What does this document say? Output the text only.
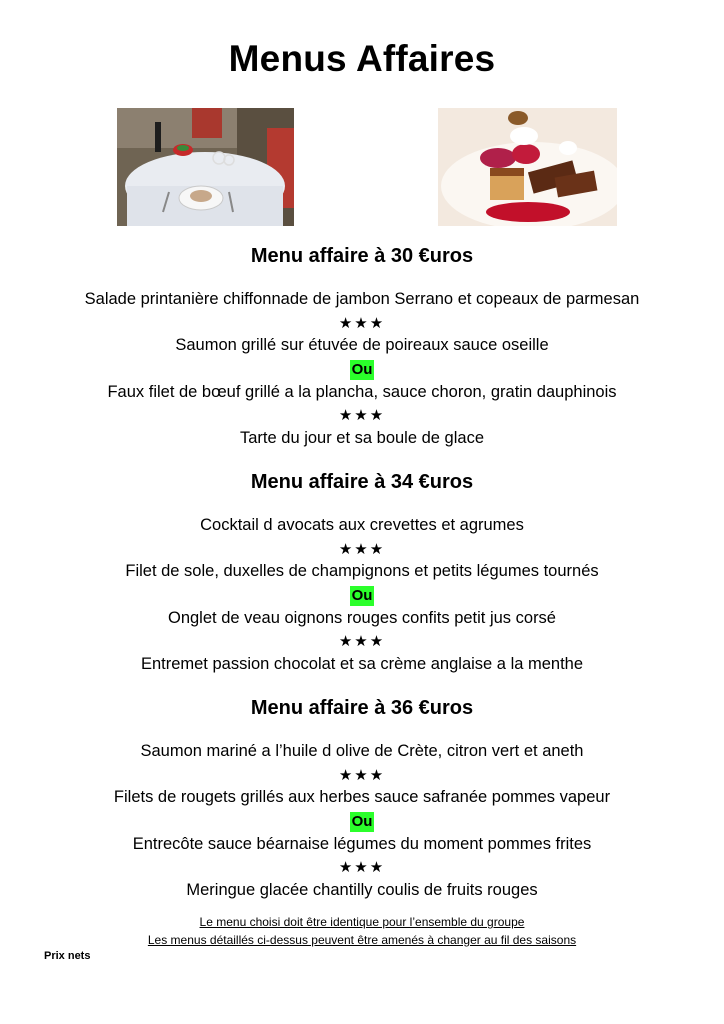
Menus Affaires
Menu affaire à 30 €uros
Salade printanière chiffonnade de jambon Serrano et copeaux de parmesan
★★★
Saumon grillé sur étuvée de poireaux sauce oseille
Ou
Faux filet de bœuf grillé a la plancha, sauce choron, gratin dauphinois
★★★
Tarte du jour et sa boule de glace
Menu affaire à 34 €uros
Cocktail d avocats aux crevettes et agrumes
★★★
Filet de sole, duxelles de champignons et petits légumes tournés
Ou
Onglet de veau oignons rouges confits petit jus corsé
★★★
Entremet passion chocolat et sa crème anglaise a la menthe
Menu affaire à 36 €uros
Saumon mariné a l’huile d olive de Crète, citron vert et aneth
★★★
Filets de rougets grillés aux herbes sauce safranée pommes vapeur
Ou
Entrecôte sauce béarnaise légumes du moment pommes frites
★★★
Meringue glacée chantilly coulis de fruits rouges
Le menu choisi doit être identique pour l’ensemble du groupe
Les menus détaillés ci-dessus peuvent être amenés à changer au fil des saisons
Prix nets
